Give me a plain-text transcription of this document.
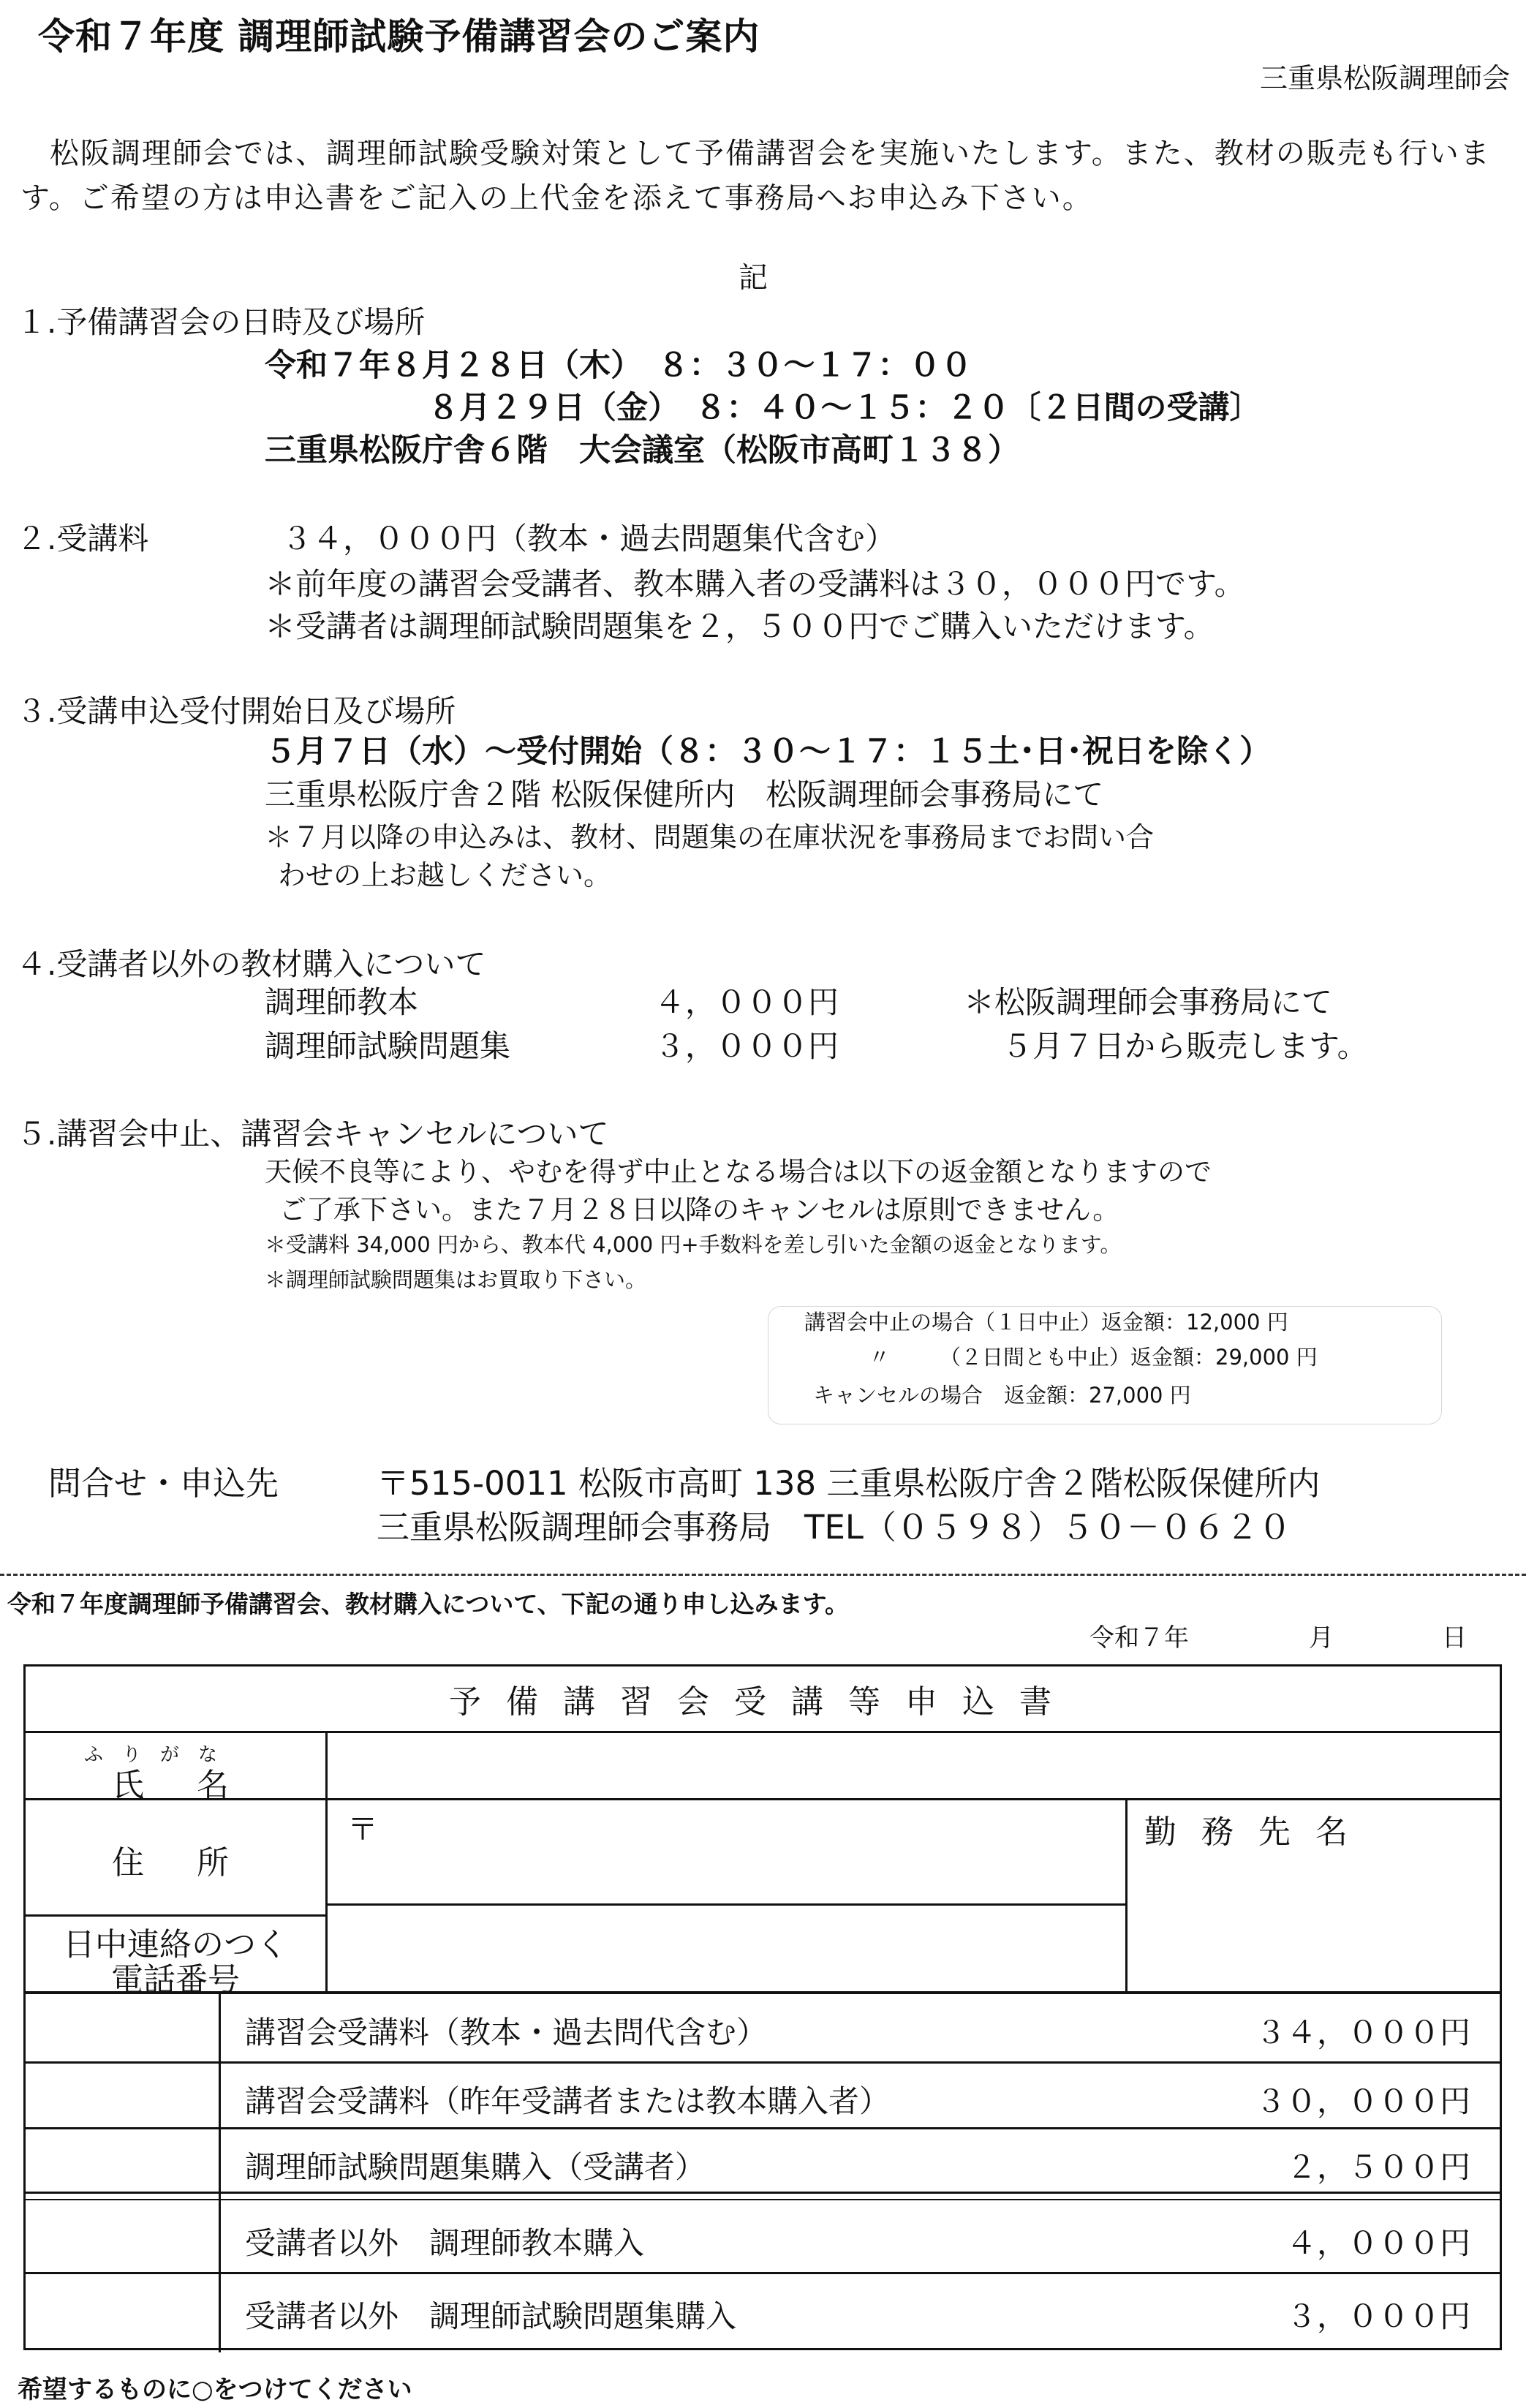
令和７年度 調理師試験予備講習会のご案内
三重県松阪調理師会
松阪調理師会では、調理師試験受験対策として予備講習会を実施いたします。また、教材の販売も行います。ご希望の方は申込書をご記入の上代金を添えて事務局へお申込み下さい。
記
１.予備講習会の日時及び場所
令和７年８月２８日（木）　８：３０～１７：００
８月２９日（金）　８：４０～１５：２０〔２日間の受講〕
三重県松阪庁舎６階　大会議室（松阪市高町１３８）
２.受講料	３４，０００円（教本・過去問題集代含む）
＊前年度の講習会受講者、教本購入者の受講料は３０，０００円です。
＊受講者は調理師試験問題集を２，５００円でご購入いただけます。
３.受講申込受付開始日及び場所
５月７日（水）～受付開始（８：３０～１７：１５土･日･祝日を除く）
三重県松阪庁舎２階 松阪保健所内　松阪調理師会事務局にて
＊７月以降の申込みは、教材、問題集の在庫状況を事務局までお問い合
わせの上お越しください。
４.受講者以外の教材購入について
調理師教本	４，０００円	＊松阪調理師会事務局にて
調理師試験問題集	３，０００円	５月７日から販売します。
５.講習会中止、講習会キャンセルについて
天候不良等により、やむを得ず中止となる場合は以下の返金額となりますので
ご了承下さい。また７月２８日以降のキャンセルは原則できません。
＊受講料 34,000 円から、教本代 4,000 円+手数料を差し引いた金額の返金となります。
＊調理師試験問題集はお買取り下さい。
講習会中止の場合（１日中止）返金額：12,000 円
〃 （２日間とも中止）返金額：29,000 円
キャンセルの場合　返金額：27,000 円
問合せ・申込先	〒515-0011 松阪市高町 138 三重県松阪庁舎２階松阪保健所内
三重県松阪調理師会事務局　TEL（０５９８）５０－０６２０
令和７年度調理師予備講習会、教材購入について、下記の通り申し込みます。
令和７年	月	日
予備講習会受講等申込書
ふりがな
氏　名
住　所
日中連絡のつく
電話番号
〒	勤 務 先 名
講習会受講料（教本・過去問代含む）	３４，０００円
講習会受講料（昨年受講者または教本購入者）	３０，０００円
調理師試験問題集購入（受講者）	２，５００円
受講者以外　調理師教本購入	４，０００円
受講者以外　調理師試験問題集購入	３，０００円
希望するものに○をつけてください
